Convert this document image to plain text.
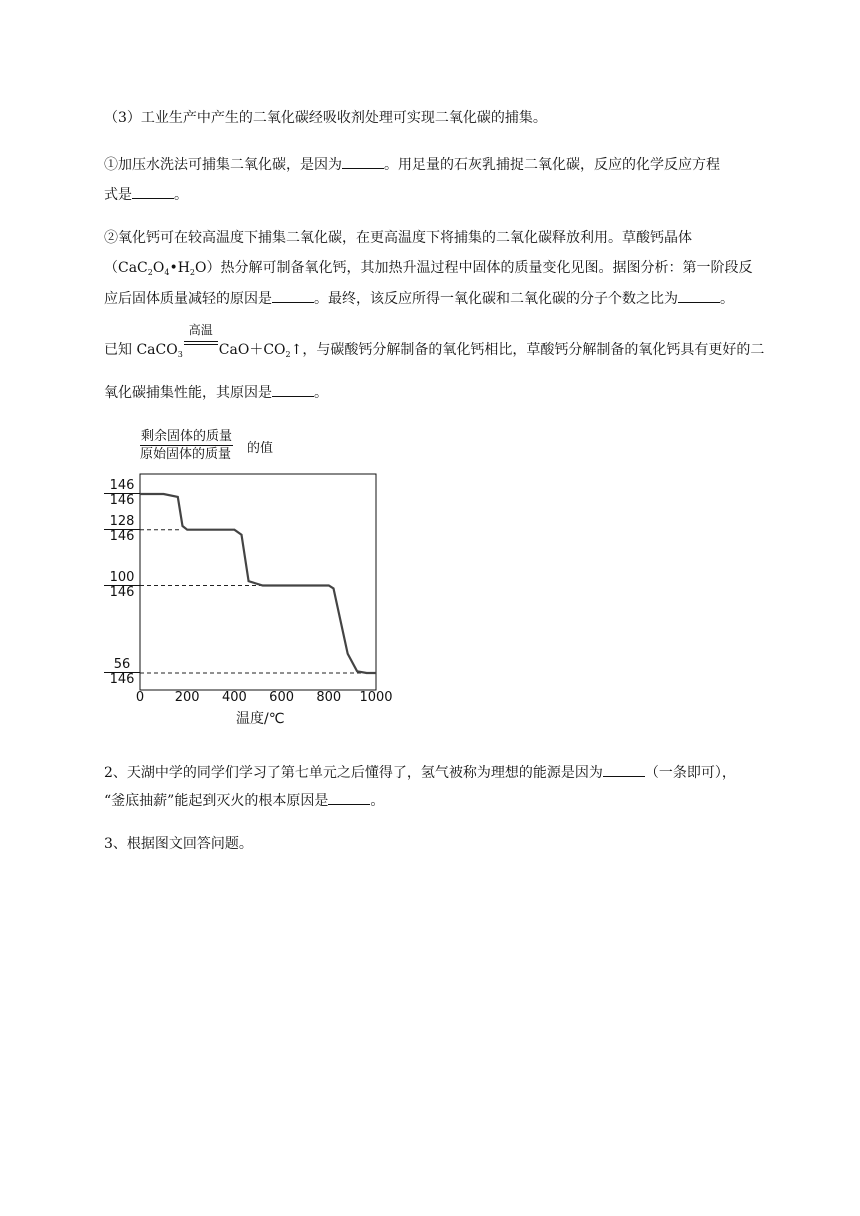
（3）工业生产中产生的二氧化碳经吸收剂处理可实现二氧化碳的捕集。
①加压水洗法可捕集二氧化碳，是因为	。用足量的石灰乳捕捉二氧化碳，反应的化学反应方程
式是	。
②氧化钙可在较高温度下捕集二氧化碳，在更高温度下将捕集的二氧化碳释放利用。草酸钙晶体
$(CaC_2O_4•H_2O)$热分解可制备氧化钙，其加热升温过程中固体的质量变化见图。据图分析：第一阶段反
应后固体质量减轻的原因是	。最终，该反应所得一氧化碳和二氧化碳的分子个数之比为	。
已知 CaCO$_3$
高温
$CaO+CO_2↑$，与碳酸钙分解制备的氧化钙相比，草酸钙分解制备的氧化钙具有更好的二
氧化碳捕集性能，其原因是	。
剩余固体的质量
原始固体的质量 的值
$\frac{146}{146}$
$\frac{128}{146}$
$\frac{100}{146}$
$\frac{56}{146}$
0	200	400	600	800	1000
温度/℃
2、天湖中学的同学们学习了第七单元之后懂得了，氢气被称为理想的能源是因为	（一条即可），
“釜底抽薪”能起到灭火的根本原因是	。
3、根据图文回答问题。
